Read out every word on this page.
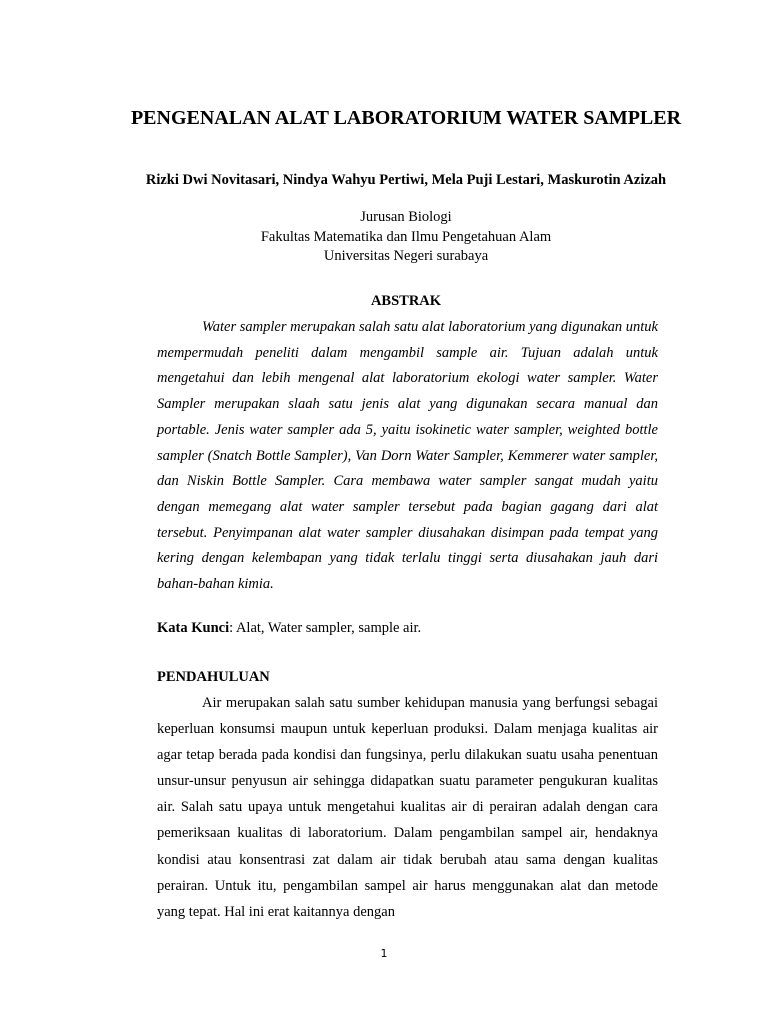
PENGENALAN ALAT LABORATORIUM WATER SAMPLER

Rizki Dwi Novitasari, Nindya Wahyu Pertiwi, Mela Puji Lestari, Maskurotin Azizah

Jurusan Biologi

Fakultas Matematika dan Ilmu Pengetahuan Alam

Universitas Negeri surabaya

ABSTRAK

Water sampler merupakan salah satu alat laboratorium yang digunakan untuk mempermudah peneliti dalam mengambil sample air. Tujuan adalah untuk mengetahui dan lebih mengenal alat laboratorium ekologi water sampler. Water Sampler merupakan slaah satu jenis alat yang digunakan secara manual dan portable. Jenis water sampler ada 5, yaitu isokinetic water sampler, weighted bottle sampler (Snatch Bottle Sampler), Van Dorn Water Sampler, Kemmerer water sampler, dan Niskin Bottle Sampler. Cara membawa water sampler sangat mudah yaitu dengan memegang alat water sampler tersebut pada bagian gagang dari alat tersebut. Penyimpanan alat water sampler diusahakan disimpan pada tempat yang kering dengan kelembapan yang tidak terlalu tinggi serta diusahakan jauh dari bahan-bahan kimia.

Kata Kunci: Alat, Water sampler, sample air.

PENDAHULUAN

Air merupakan salah satu sumber kehidupan manusia yang berfungsi sebagai keperluan konsumsi maupun untuk keperluan produksi. Dalam menjaga kualitas air agar tetap berada pada kondisi dan fungsinya, perlu dilakukan suatu usaha penentuan unsur-unsur penyusun air sehingga didapatkan suatu parameter pengukuran kualitas air. Salah satu upaya untuk mengetahui kualitas air di perairan adalah dengan cara pemeriksaan kualitas di laboratorium. Dalam pengambilan sampel air, hendaknya kondisi atau konsentrasi zat dalam air tidak berubah atau sama dengan kualitas perairan. Untuk itu, pengambilan sampel air harus menggunakan alat dan metode yang tepat. Hal ini erat kaitannya dengan

1
